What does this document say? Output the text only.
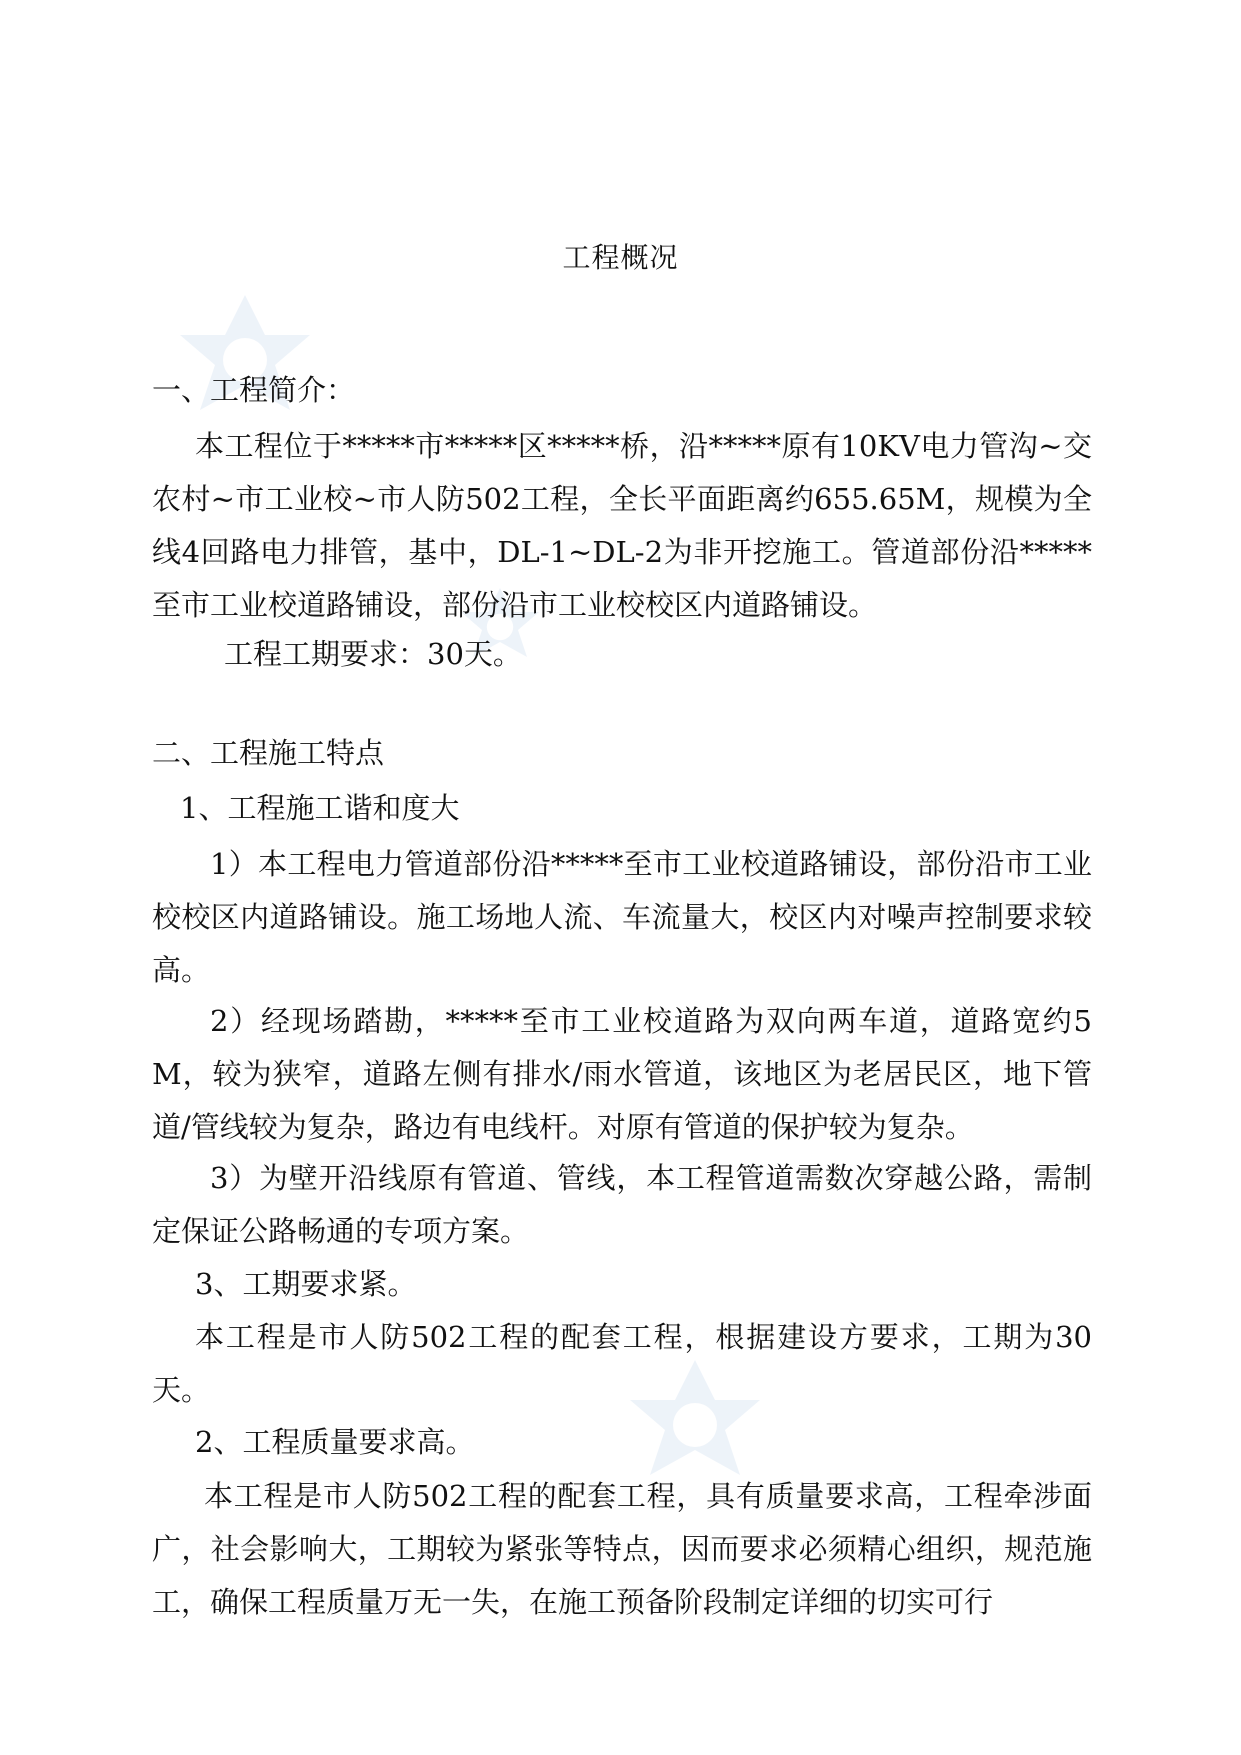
工程概况
一、工程简介：
本工程位于*****市*****区*****桥，沿*****原有10KV电力管沟~交农村~市工业校~市人防502工程，全长平面距离约655.65M，规模为全线4回路电力排管，基中，DL-1~DL-2为非开挖施工。管道部份沿*****至市工业校道路铺设，部份沿市工业校校区内道路铺设。
工程工期要求：30天。
二、工程施工特点
1、工程施工谐和度大
1）本工程电力管道部份沿*****至市工业校道路铺设，部份沿市工业校校区内道路铺设。施工场地人流、车流量大，校区内对噪声控制要求较高。
2）经现场踏勘，*****至市工业校道路为双向两车道，道路宽约5M，较为狭窄，道路左侧有排水/雨水管道，该地区为老居民区，地下管道/管线较为复杂，路边有电线杆。对原有管道的保护较为复杂。
3）为壁开沿线原有管道、管线，本工程管道需数次穿越公路，需制定保证公路畅通的专项方案。
3、工期要求紧。
本工程是市人防502工程的配套工程，根据建设方要求，工期为30天。
2、工程质量要求高。
本工程是市人防502工程的配套工程，具有质量要求高，工程牵涉面广，社会影响大，工期较为紧张等特点，因而要求必须精心组织，规范施工，确保工程质量万无一失，在施工预备阶段制定详细的切实可行
